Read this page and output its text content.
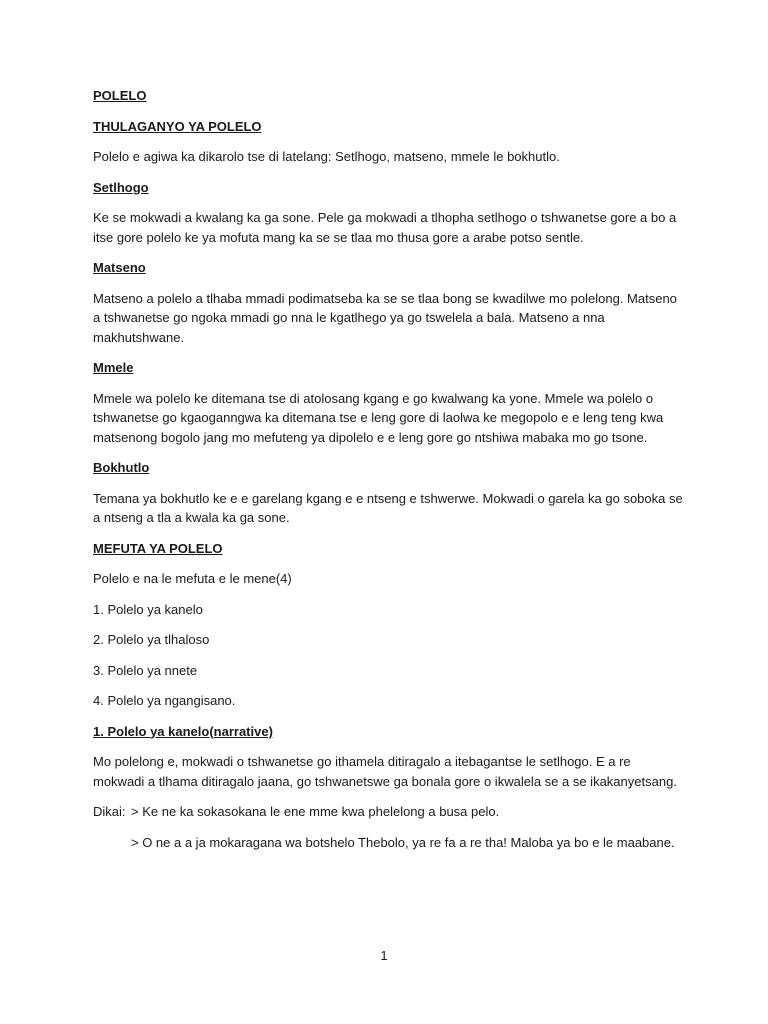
POLELO
THULAGANYO YA POLELO

Polelo e agiwa ka dikarolo tse di latelang: Setlhogo, matseno, mmele le bokhutlo.

Setlhogo

Ke se mokwadi a kwalang ka ga sone. Pele ga mokwadi a tlhopha setlhogo o tshwanetse gore a bo a itse gore polelo ke ya mofuta mang ka se se tlaa mo thusa gore a arabe potso sentle.

Matseno

Matseno a polelo a tlhaba mmadi podimatseba ka se se tlaa bong se kwadilwe mo polelong. Matseno a tshwanetse go ngoka mmadi go nna le kgatlhego ya go tswelela a bala. Matseno a nna makhutshwane.

Mmele

Mmele wa polelo ke ditemana tse di atolosang kgang e go kwalwang ka yone. Mmele wa polelo o tshwanetse go kgaoganngwa ka ditemana tse e leng gore di laolwa ke megopolo e e leng teng kwa matsenong bogolo jang mo mefuteng ya dipolelo e e leng gore go ntshiwa mabaka mo go tsone.

Bokhutlo

Temana ya bokhutlo ke e e garelang kgang e e ntseng e tshwerwe. Mokwadi o garela ka go soboka se a ntseng a tla a kwala ka ga sone.

MEFUTA YA POLELO

Polelo e na le mefuta e le mene(4)

1. Polelo ya kanelo

2. Polelo ya tlhaloso

3. Polelo ya nnete

4. Polelo ya ngangisano.

1. Polelo ya kanelo(narrative)

Mo polelong e, mokwadi o tshwanetse go ithamela ditiragalo a itebagantse le setlhogo. E a re mokwadi a tlhama ditiragalo jaana, go tshwanetswe ga bonala gore o ikwalela se a se ikakanyetsang.

Dikai: > Ke ne ka sokasokana le ene mme kwa phelelong a busa pelo.
> O ne a a ja mokaragana wa botshelo Thebolo, ya re fa a re tha! Maloba ya bo e le maabane.
1
